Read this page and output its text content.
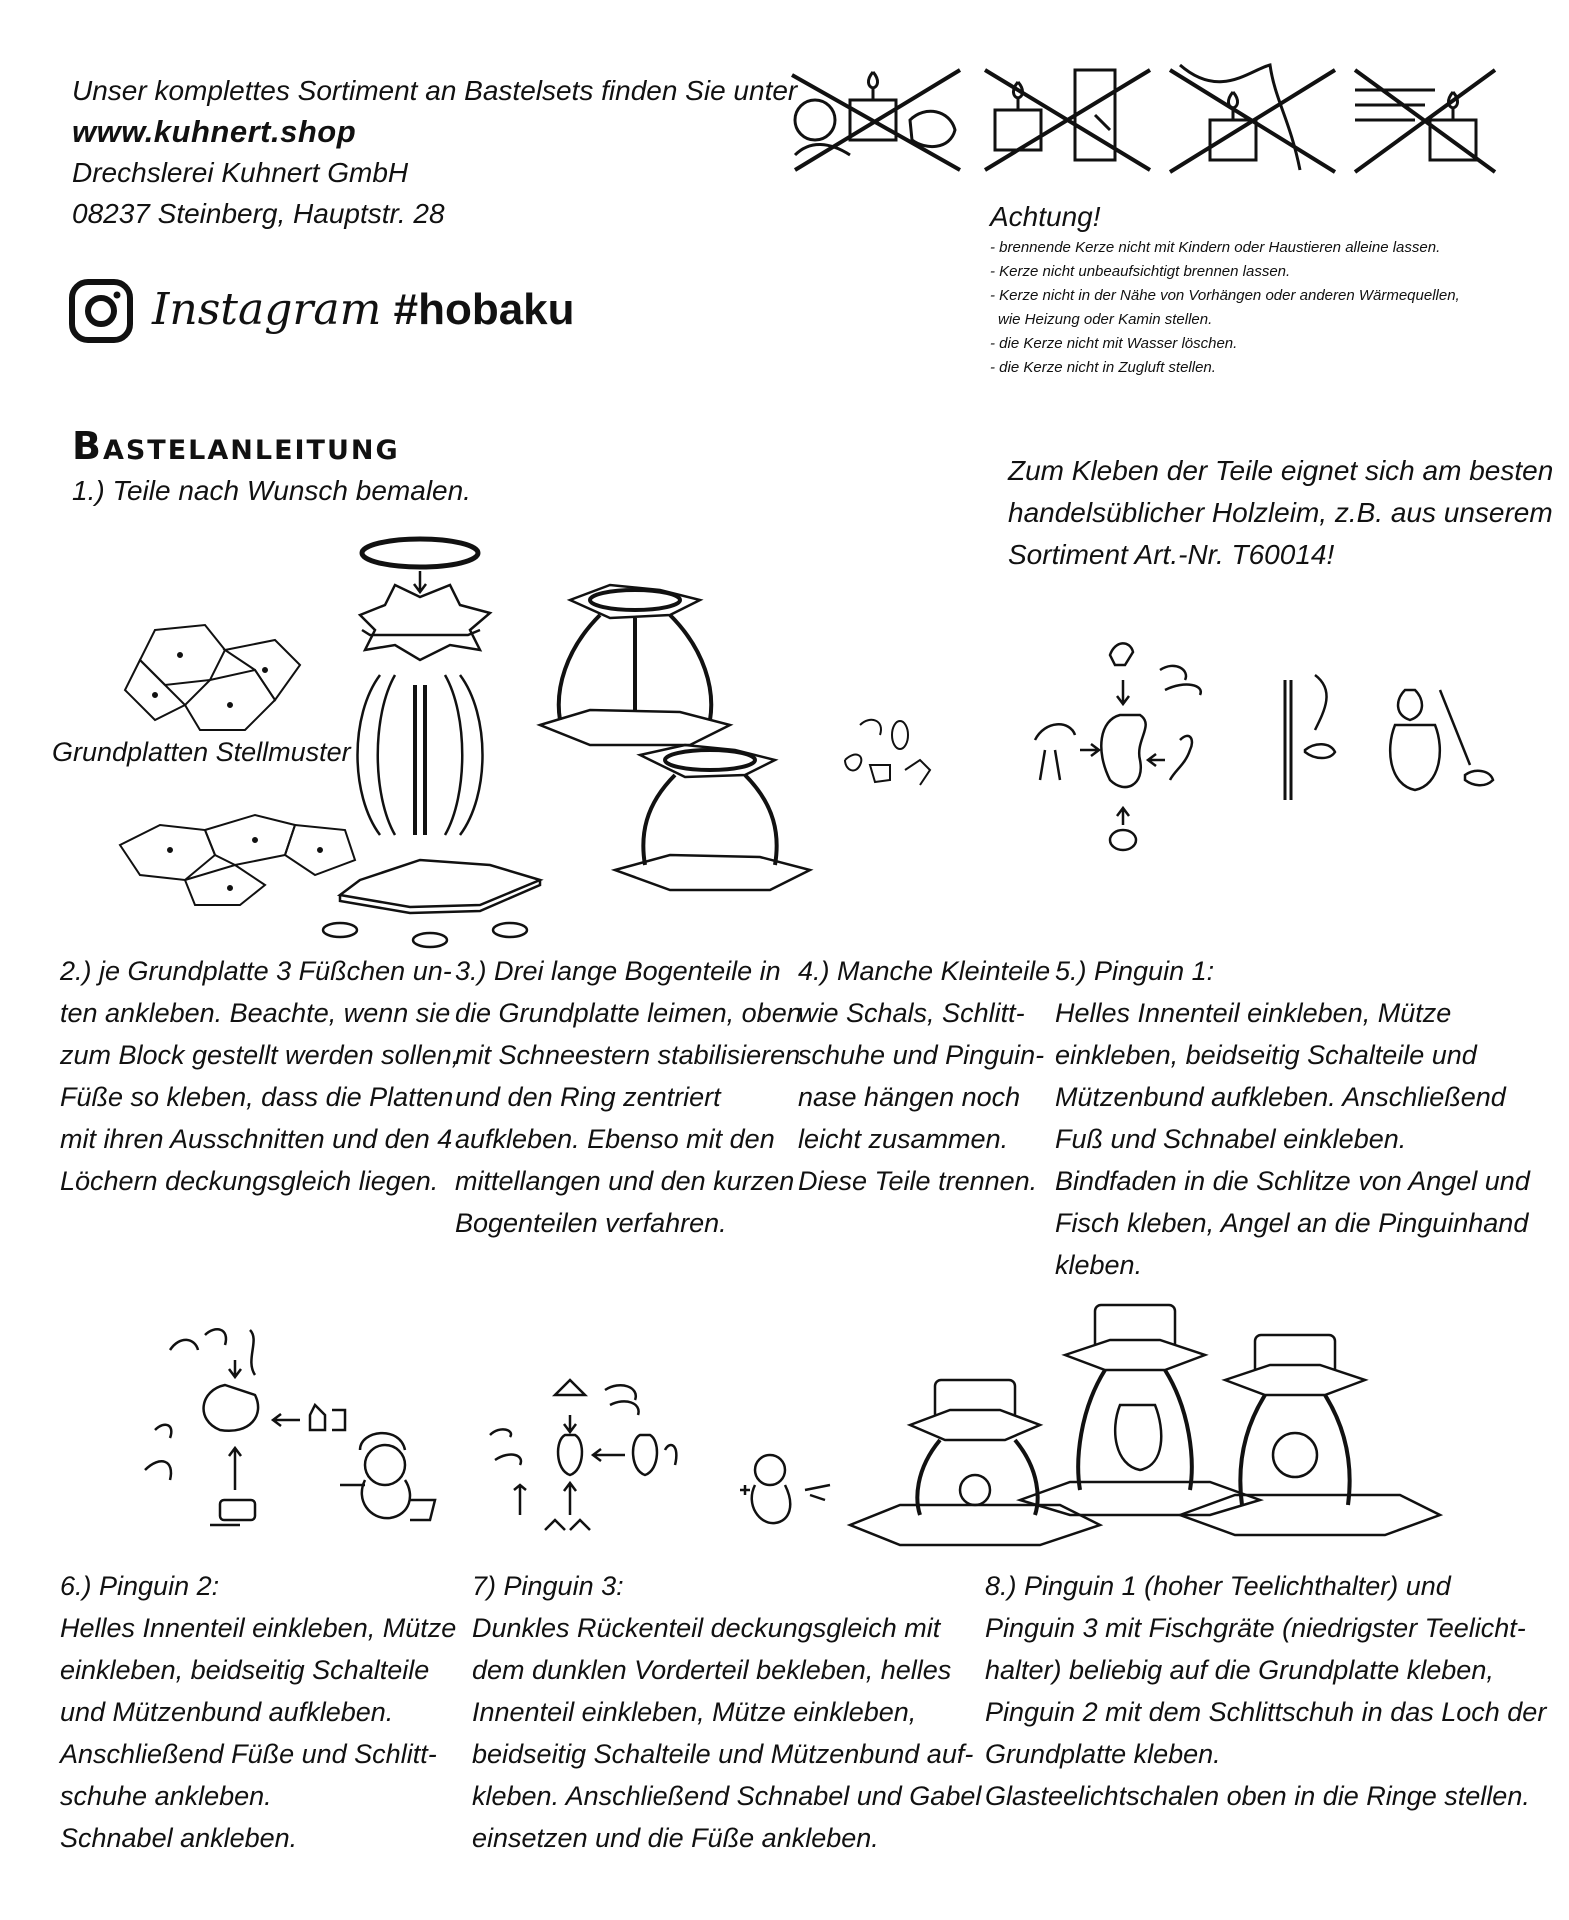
Unser komplettes Sortiment an Bastelsets finden Sie unter
www.kuhnert.shop
Drechslerei Kuhnert GmbH
08237 Steinberg, Hauptstr. 28
Instagram #hobaku
Achtung!
- brennende Kerze nicht mit Kindern oder Haustieren alleine lassen.
- Kerze nicht unbeaufsichtigt brennen lassen.
- Kerze nicht in der Nähe von Vorhängen oder anderen Wärmequellen,
wie Heizung oder Kamin stellen.
- die Kerze nicht mit Wasser löschen.
- die Kerze nicht in Zugluft stellen.
Bastelanleitung
1.) Teile nach Wunsch bemalen.
Zum Kleben der Teile eignet sich am besten
handelsüblicher Holzleim, z.B. aus unserem
Sortiment Art.-Nr. T60014!
Grundplatten Stellmuster
2.) je Grundplatte 3 Füßchen un-
ten ankleben. Beachte, wenn sie
zum Block gestellt werden sollen,
Füße so kleben, dass die Platten
mit ihren Ausschnitten und den 4
Löchern deckungsgleich liegen.
3.) Drei lange Bogenteile in
die Grundplatte leimen, oben
mit Schneestern stabilisieren
und den Ring zentriert
aufkleben. Ebenso mit den
mittellangen und den kurzen
Bogenteilen verfahren.
4.) Manche Kleinteile
wie Schals, Schlitt-
schuhe und Pinguin-
nase hängen noch
leicht zusammen.
Diese Teile trennen.
5.) Pinguin 1:
Helles Innenteil einkleben, Mütze
einkleben, beidseitig Schalteile und
Mützenbund aufkleben. Anschließend
Fuß und Schnabel einkleben.
Bindfaden in die Schlitze von Angel und
Fisch kleben, Angel an die Pinguinhand
kleben.
6.) Pinguin 2:
Helles Innenteil einkleben, Mütze
einkleben, beidseitig Schalteile
und Mützenbund aufkleben.
Anschließend Füße und Schlitt-
schuhe ankleben.
Schnabel ankleben.
7) Pinguin 3:
Dunkles Rückenteil deckungsgleich mit
dem dunklen Vorderteil bekleben, helles
Innenteil einkleben, Mütze einkleben,
beidseitig Schalteile und Mützenbund auf-
kleben. Anschließend Schnabel und Gabel
einsetzen und die Füße ankleben.
8.) Pinguin 1 (hoher Teelichthalter) und
Pinguin 3 mit Fischgräte (niedrigster Teelicht-
halter) beliebig auf die Grundplatte kleben,
Pinguin 2 mit dem Schlittschuh in das Loch der
Grundplatte kleben.
Glasteelichtschalen oben in die Ringe stellen.
